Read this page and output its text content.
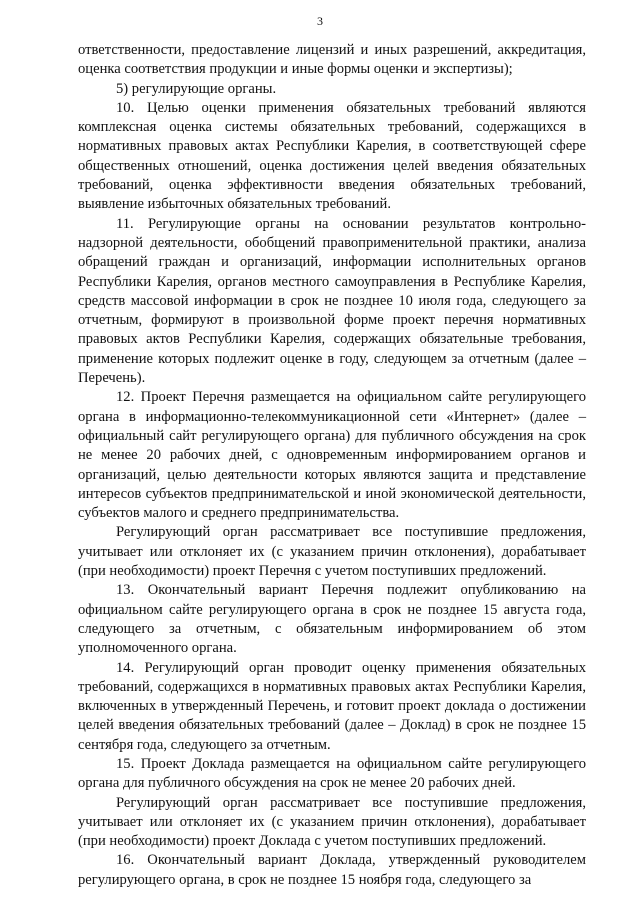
3

ответственности, предоставление лицензий и иных разрешений, аккредитация, оценка соответствия продукции и иные формы оценки и экспертизы);

5) регулирующие органы.

10. Целью оценки применения обязательных требований являются комплексная оценка системы обязательных требований, содержащихся в нормативных правовых актах Республики Карелия, в соответствующей сфере общественных отношений, оценка достижения целей введения обязательных требований, оценка эффективности введения обязательных требований, выявление избыточных обязательных требований.

11. Регулирующие органы на основании результатов контрольно-надзорной деятельности, обобщений правоприменительной практики, анализа обращений граждан и организаций, информации исполнительных органов Республики Карелия, органов местного самоуправления в Республике Карелия, средств массовой информации в срок не позднее 10 июля года, следующего за отчетным, формируют в произвольной форме проект перечня нормативных правовых актов Республики Карелия, содержащих обязательные требования, применение которых подлежит оценке в году, следующем за отчетным (далее – Перечень).

12. Проект Перечня размещается на официальном сайте регулирующего органа в информационно-телекоммуникационной сети «Интернет» (далее – официальный сайт регулирующего органа) для публичного обсуждения на срок не менее 20 рабочих дней, с одновременным информированием органов и организаций, целью деятельности которых являются защита и представление интересов субъектов предпринимательской и иной экономической деятельности, субъектов малого и среднего предпринимательства.

Регулирующий орган рассматривает все поступившие предложения, учитывает или отклоняет их (с указанием причин отклонения), дорабатывает (при необходимости) проект Перечня с учетом поступивших предложений.

13. Окончательный вариант Перечня подлежит опубликованию на официальном сайте регулирующего органа в срок не позднее 15 августа года, следующего за отчетным, с обязательным информированием об этом уполномоченного органа.

14. Регулирующий орган проводит оценку применения обязательных требований, содержащихся в нормативных правовых актах Республики Карелия, включенных в утвержденный Перечень, и готовит проект доклада о достижении целей введения обязательных требований (далее – Доклад) в срок не позднее 15 сентября года, следующего за отчетным.

15. Проект Доклада размещается на официальном сайте регулирующего органа для публичного обсуждения на срок не менее 20 рабочих дней.

Регулирующий орган рассматривает все поступившие предложения, учитывает или отклоняет их (с указанием причин отклонения), дорабатывает (при необходимости) проект Доклада с учетом поступивших предложений.

16. Окончательный вариант Доклада, утвержденный руководителем регулирующего органа, в срок не позднее 15 ноября года, следующего за
